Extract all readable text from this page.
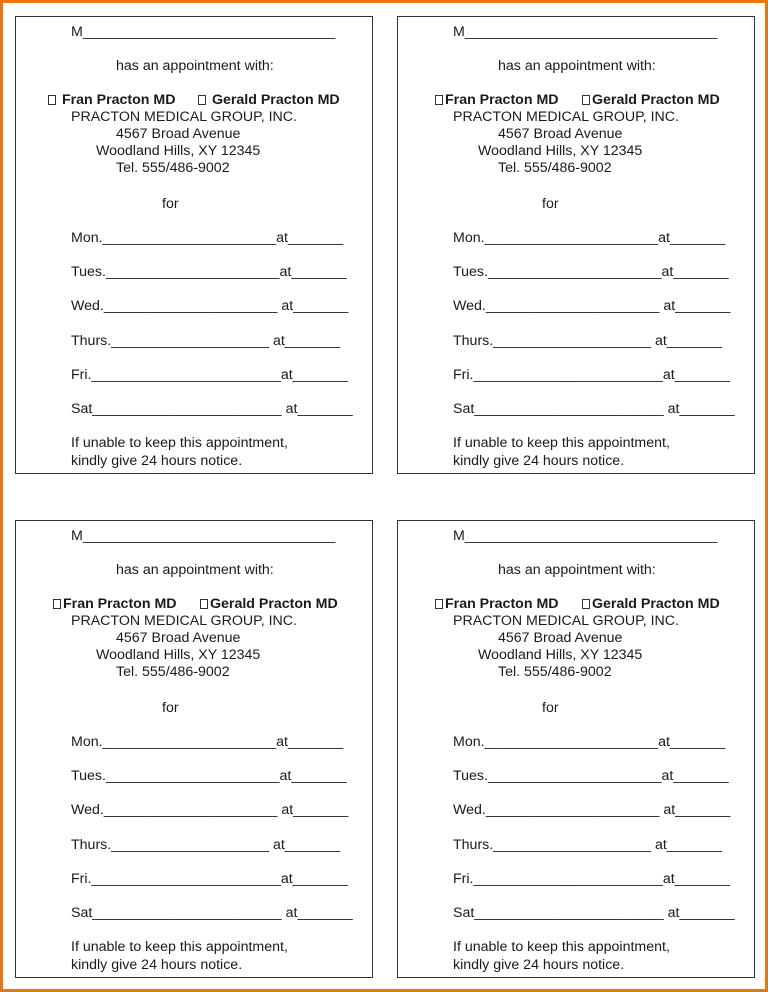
M________________________________
has an appointment with:
Fran Practon MD	Gerald Practon MD
PRACTON MEDICAL GROUP, INC.
4567 Broad Avenue
Woodland Hills, XY 12345
Tel. 555/486-9002
for
Mon.______________________at_______
Tues.______________________at_______
Wed.______________________ at_______
Thurs.____________________ at_______
Fri.________________________at_______
Sat________________________ at_______
If unable to keep this appointment,
kindly give 24 hours notice.
M________________________________
has an appointment with:
Fran Practon MD	Gerald Practon MD
PRACTON MEDICAL GROUP, INC.
4567 Broad Avenue
Woodland Hills, XY 12345
Tel. 555/486-9002
for
Mon.______________________at_______
Tues.______________________at_______
Wed.______________________ at_______
Thurs.____________________ at_______
Fri.________________________at_______
Sat________________________ at_______
If unable to keep this appointment,
kindly give 24 hours notice.
M________________________________
has an appointment with:
Fran Practon MD	Gerald Practon MD
PRACTON MEDICAL GROUP, INC.
4567 Broad Avenue
Woodland Hills, XY 12345
Tel. 555/486-9002
for
Mon.______________________at_______
Tues.______________________at_______
Wed.______________________ at_______
Thurs.____________________ at_______
Fri.________________________at_______
Sat________________________ at_______
If unable to keep this appointment,
kindly give 24 hours notice.
M________________________________
has an appointment with:
Fran Practon MD	Gerald Practon MD
PRACTON MEDICAL GROUP, INC.
4567 Broad Avenue
Woodland Hills, XY 12345
Tel. 555/486-9002
for
Mon.______________________at_______
Tues.______________________at_______
Wed.______________________ at_______
Thurs.____________________ at_______
Fri.________________________at_______
Sat________________________ at_______
If unable to keep this appointment,
kindly give 24 hours notice.
